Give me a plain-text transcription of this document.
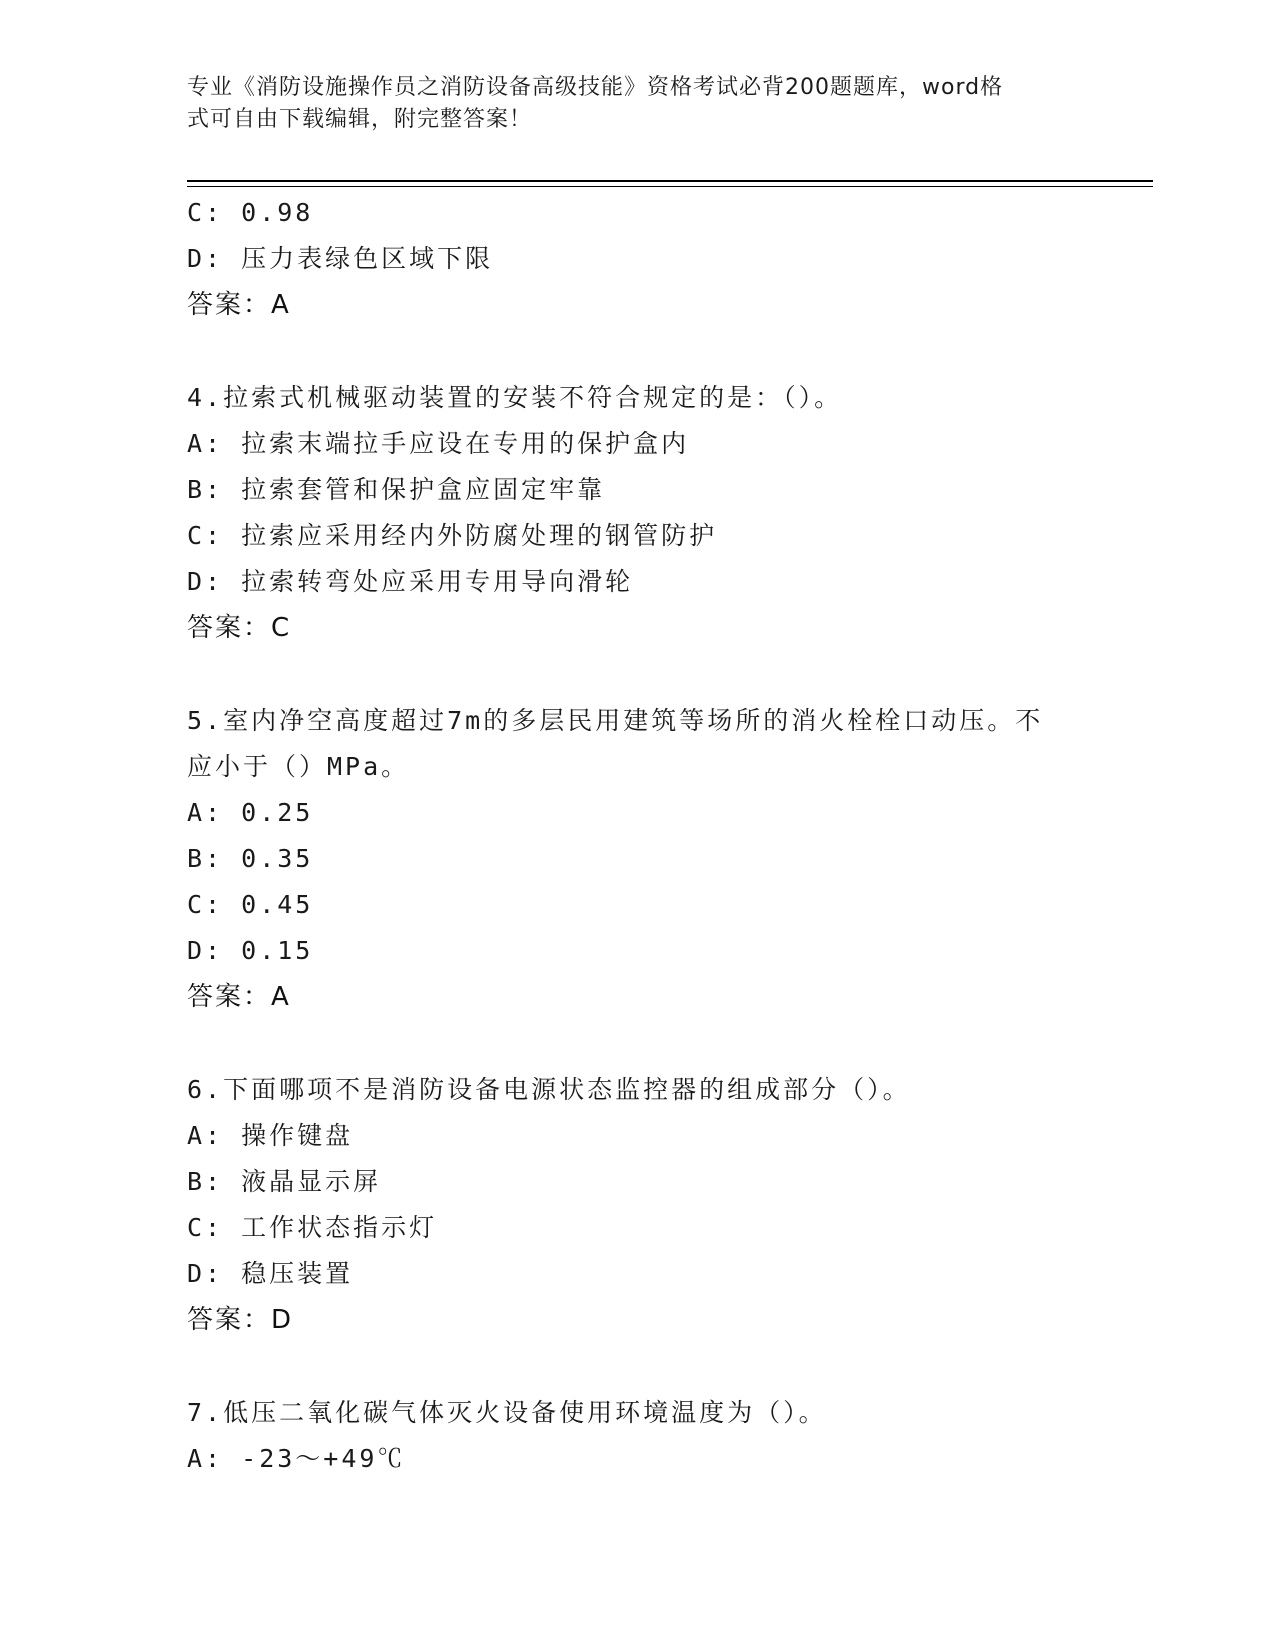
专业《消防设施操作员之消防设备高级技能》资格考试必背200题题库，word格
式可自由下载编辑，附完整答案！
C: 0.98
D: 压力表绿色区域下限
答案：A
4.拉索式机械驱动装置的安装不符合规定的是：（）。
A: 拉索末端拉手应设在专用的保护盒内
B: 拉索套管和保护盒应固定牢靠
C: 拉索应采用经内外防腐处理的钢管防护
D: 拉索转弯处应采用专用导向滑轮
答案：C
5.室内净空高度超过7m的多层民用建筑等场所的消火栓栓口动压。不
应小于（）MPa。
A: 0.25
B: 0.35
C: 0.45
D: 0.15
答案：A
6.下面哪项不是消防设备电源状态监控器的组成部分（）。
A: 操作键盘
B: 液晶显示屏
C: 工作状态指示灯
D: 稳压装置
答案：D
7.低压二氧化碳气体灭火设备使用环境温度为（）。
A: -23～+49℃
